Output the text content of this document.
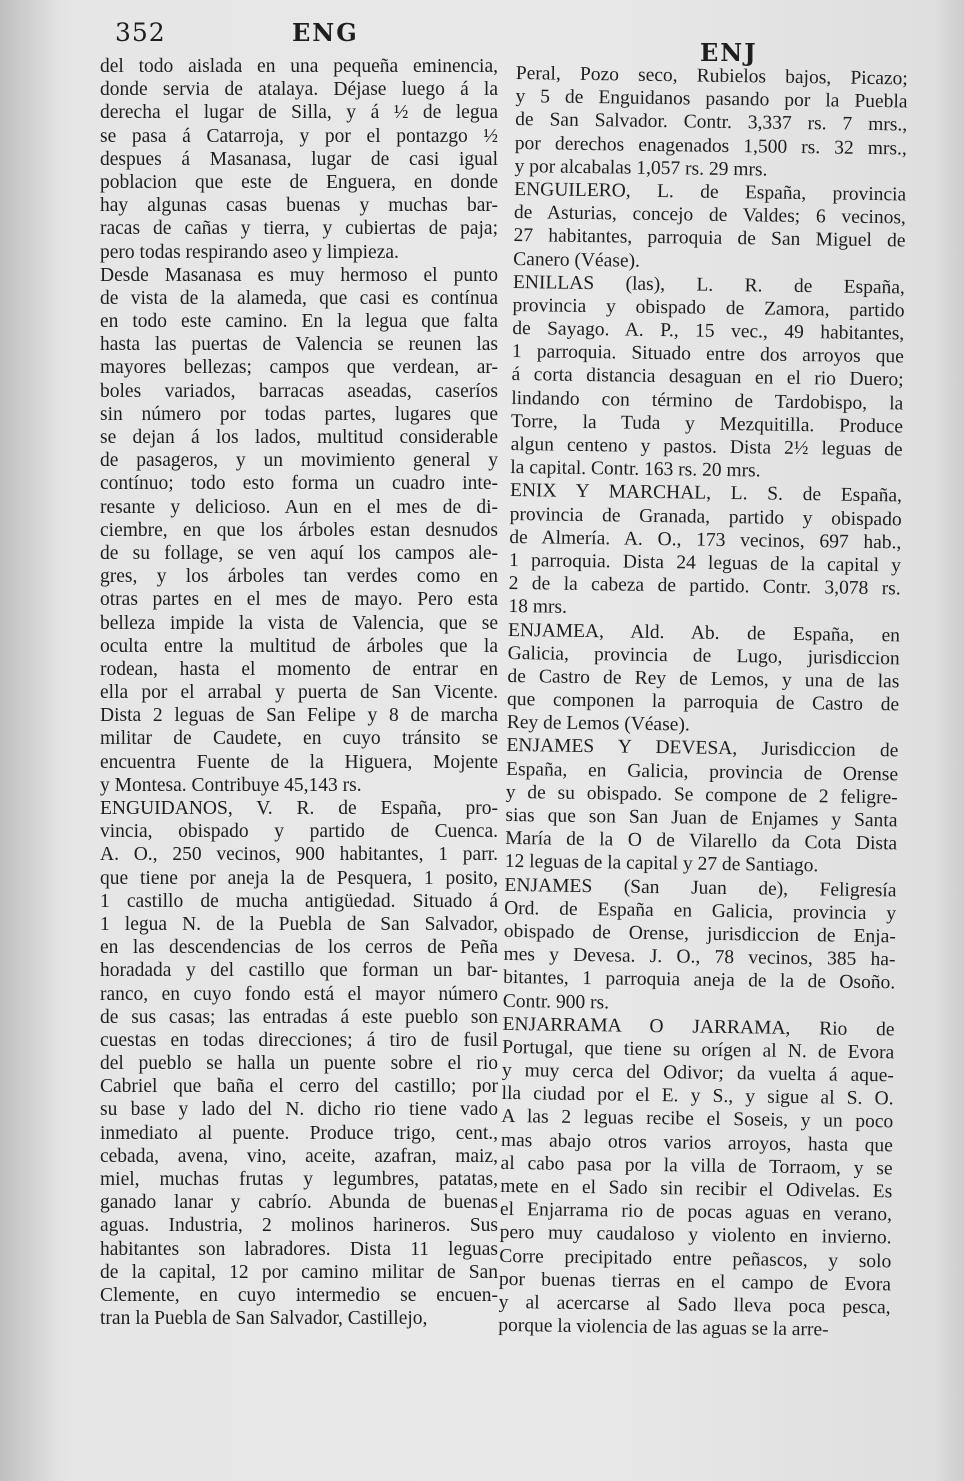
352	ENG
ENJ
del todo aislada en una pequeña eminencia,
donde servia de atalaya. Déjase luego á la
derecha el lugar de Silla, y á ½ de legua
se pasa á Catarroja, y por el pontazgo ½
despues á Masanasa, lugar de casi igual
poblacion que este de Enguera, en donde
hay algunas casas buenas y muchas bar-
racas de cañas y tierra, y cubiertas de paja;
pero todas respirando aseo y limpieza.
Desde Masanasa es muy hermoso el punto
de vista de la alameda, que casi es contínua
en todo este camino. En la legua que falta
hasta las puertas de Valencia se reunen las
mayores bellezas; campos que verdean, ar-
boles variados, barracas aseadas, caseríos
sin número por todas partes, lugares que
se dejan á los lados, multitud considerable
de pasageros, y un movimiento general y
contínuo; todo esto forma un cuadro inte-
resante y delicioso. Aun en el mes de di-
ciembre, en que los árboles estan desnudos
de su follage, se ven aquí los campos ale-
gres, y los árboles tan verdes como en
otras partes en el mes de mayo. Pero esta
belleza impide la vista de Valencia, que se
oculta entre la multitud de árboles que la
rodean, hasta el momento de entrar en
ella por el arrabal y puerta de San Vicente.
Dista 2 leguas de San Felipe y 8 de marcha
militar de Caudete, en cuyo tránsito se
encuentra Fuente de la Higuera, Mojente
y Montesa. Contribuye 45,143 rs.
ENGUIDANOS, V. R. de España, pro-
vincia, obispado y partido de Cuenca.
A. O., 250 vecinos, 900 habitantes, 1 parr.
que tiene por aneja la de Pesquera, 1 posito,
1 castillo de mucha antigüedad. Situado á
1 legua N. de la Puebla de San Salvador,
en las descendencias de los cerros de Peña
horadada y del castillo que forman un bar-
ranco, en cuyo fondo está el mayor número
de sus casas; las entradas á este pueblo son
cuestas en todas direcciones; á tiro de fusil
del pueblo se halla un puente sobre el rio
Cabriel que baña el cerro del castillo; por
su base y lado del N. dicho rio tiene vado
inmediato al puente. Produce trigo, cent.,
cebada, avena, vino, aceite, azafran, maiz,
miel, muchas frutas y legumbres, patatas,
ganado lanar y cabrío. Abunda de buenas
aguas. Industria, 2 molinos harineros. Sus
habitantes son labradores. Dista 11 leguas
de la capital, 12 por camino militar de San
Clemente, en cuyo intermedio se encuen-
tran la Puebla de San Salvador, Castillejo,
Peral, Pozo seco, Rubielos bajos, Picazo;
y 5 de Enguidanos pasando por la Puebla
de San Salvador. Contr. 3,337 rs. 7 mrs.,
por derechos enagenados 1,500 rs. 32 mrs.,
y por alcabalas 1,057 rs. 29 mrs.
ENGUILERO, L. de España, provincia
de Asturias, concejo de Valdes; 6 vecinos,
27 habitantes, parroquia de San Miguel de
Canero (Véase).
ENILLAS (las), L. R. de España,
provincia y obispado de Zamora, partido
de Sayago. A. P., 15 vec., 49 habitantes,
1 parroquia. Situado entre dos arroyos que
á corta distancia desaguan en el rio Duero;
lindando con término de Tardobispo, la
Torre, la Tuda y Mezquitilla. Produce
algun centeno y pastos. Dista 2½ leguas de
la capital. Contr. 163 rs. 20 mrs.
ENIX Y MARCHAL, L. S. de España,
provincia de Granada, partido y obispado
de Almería. A. O., 173 vecinos, 697 hab.,
1 parroquia. Dista 24 leguas de la capital y
2 de la cabeza de partido. Contr. 3,078 rs.
18 mrs.
ENJAMEA, Ald. Ab. de España, en
Galicia, provincia de Lugo, jurisdiccion
de Castro de Rey de Lemos, y una de las
que componen la parroquia de Castro de
Rey de Lemos (Véase).
ENJAMES Y DEVESA, Jurisdiccion de
España, en Galicia, provincia de Orense
y de su obispado. Se compone de 2 feligre-
sias que son San Juan de Enjames y Santa
María de la O de Vilarello da Cota Dista
12 leguas de la capital y 27 de Santiago.
ENJAMES (San Juan de), Feligresía
Ord. de España en Galicia, provincia y
obispado de Orense, jurisdiccion de Enja-
mes y Devesa. J. O., 78 vecinos, 385 ha-
bitantes, 1 parroquia aneja de la de Osoño.
Contr. 900 rs.
ENJARRAMA O JARRAMA, Rio de
Portugal, que tiene su orígen al N. de Evora
y muy cerca del Odivor; da vuelta á aque-
lla ciudad por el E. y S., y sigue al S. O.
A las 2 leguas recibe el Soseis, y un poco
mas abajo otros varios arroyos, hasta que
al cabo pasa por la villa de Torraom, y se
mete en el Sado sin recibir el Odivelas. Es
el Enjarrama rio de pocas aguas en verano,
pero muy caudaloso y violento en invierno.
Corre precipitado entre peñascos, y solo
por buenas tierras en el campo de Evora
y al acercarse al Sado lleva poca pesca,
porque la violencia de las aguas se la arre-
